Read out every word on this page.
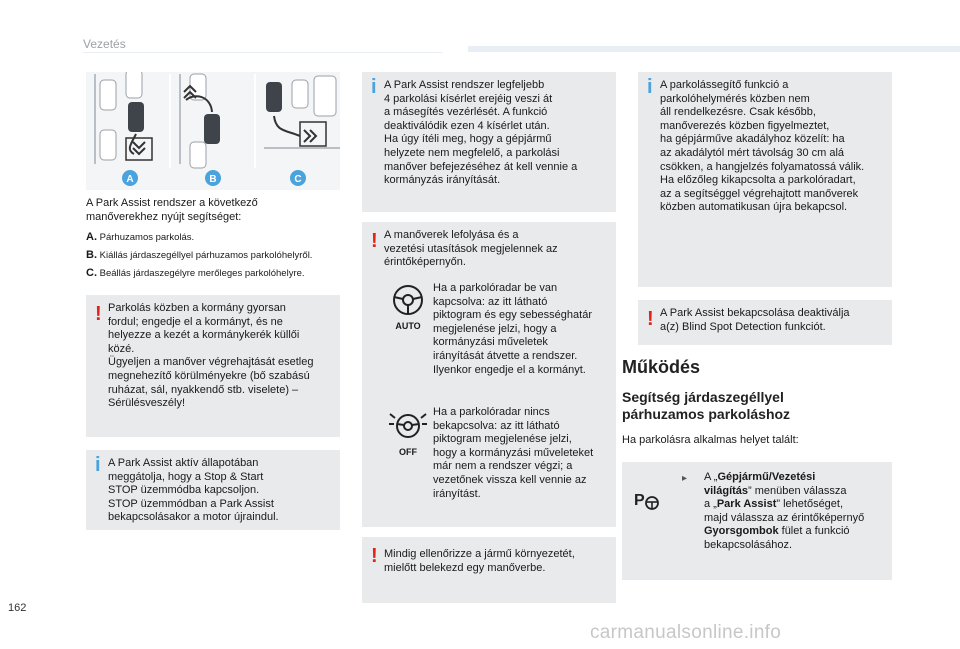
Vezetés
A	B	C
A Park Assist rendszer a következő
manőverekhez nyújt segítséget:
A. Párhuzamos parkolás.
B. Kiállás járdaszegéllyel párhuzamos parkolóhelyről.
C. Beállás járdaszegélyre merőleges parkolóhelyre.
! Parkolás közben a kormány gyorsan
fordul; engedje el a kormányt, és ne
helyezze a kezét a kormánykerék küllői
közé.
Ügyeljen a manőver végrehajtását esetleg
megnehezítő körülményekre (bő szabású
ruházat, sál, nyakkendő stb. viselete) –
Sérülésveszély!
i A Park Assist aktív állapotában
meggátolja, hogy a Stop & Start
STOP üzemmódba kapcsoljon.
STOP üzemmódban a Park Assist
bekapcsolásakor a motor újraindul.
i A Park Assist rendszer legfeljebb
4 parkolási kísérlet erejéig veszi át
a másegítés vezérlését. A funkció
deaktiválódik ezen 4 kísérlet után.
Ha úgy ítéli meg, hogy a gépjármű
helyzete nem megfelelő, a parkolási
manőver befejezéséhez át kell vennie a
kormányzás irányítását.
! A manőverek lefolyása és a
vezetési utasítások megjelennek az
érintőképernyőn.
AUTO
Ha a parkolóradar be van
kapcsolva: az itt látható
piktogram és egy sebességhatár
megjelenése jelzi, hogy a
kormányzási műveletek
irányítását átvette a rendszer.
Ilyenkor engedje el a kormányt.
OFF
Ha a parkolóradar nincs
bekapcsolva: az itt látható
piktogram megjelenése jelzi,
hogy a kormányzási műveleteket
már nem a rendszer végzi; a
vezetőnek vissza kell vennie az
irányítást.
! Mindig ellenőrizze a jármű környezetét,
mielőtt belekezd egy manőverbe.
i A parkolássegítő funkció a
parkolóhelymérés közben nem
áll rendelkezésre. Csak később,
manőverezés közben figyelmeztet,
ha gépjárműve akadályhoz közelít: ha
az akadálytól mért távolság 30 cm alá
csökken, a hangjelzés folyamatossá válik.
Ha előzőleg kikapcsolta a parkolóradart,
az a segítséggel végrehajtott manőverek
közben automatikusan újra bekapcsol.
! A Park Assist bekapcsolása deaktiválja
a(z) Blind Spot Detection funkciót.
Működés
Segítség járdaszegéllyel
párhuzamos parkoláshoz
Ha parkolásra alkalmas helyet talált:
P
▸ A „Gépjármű/Vezetési
világítás” menüben válassza
a „Park Assist” lehetőséget,
majd válassza az érintőképernyő
Gyorsgombok fület a funkció
bekapcsolásához.
162
carmanualsonline.info
